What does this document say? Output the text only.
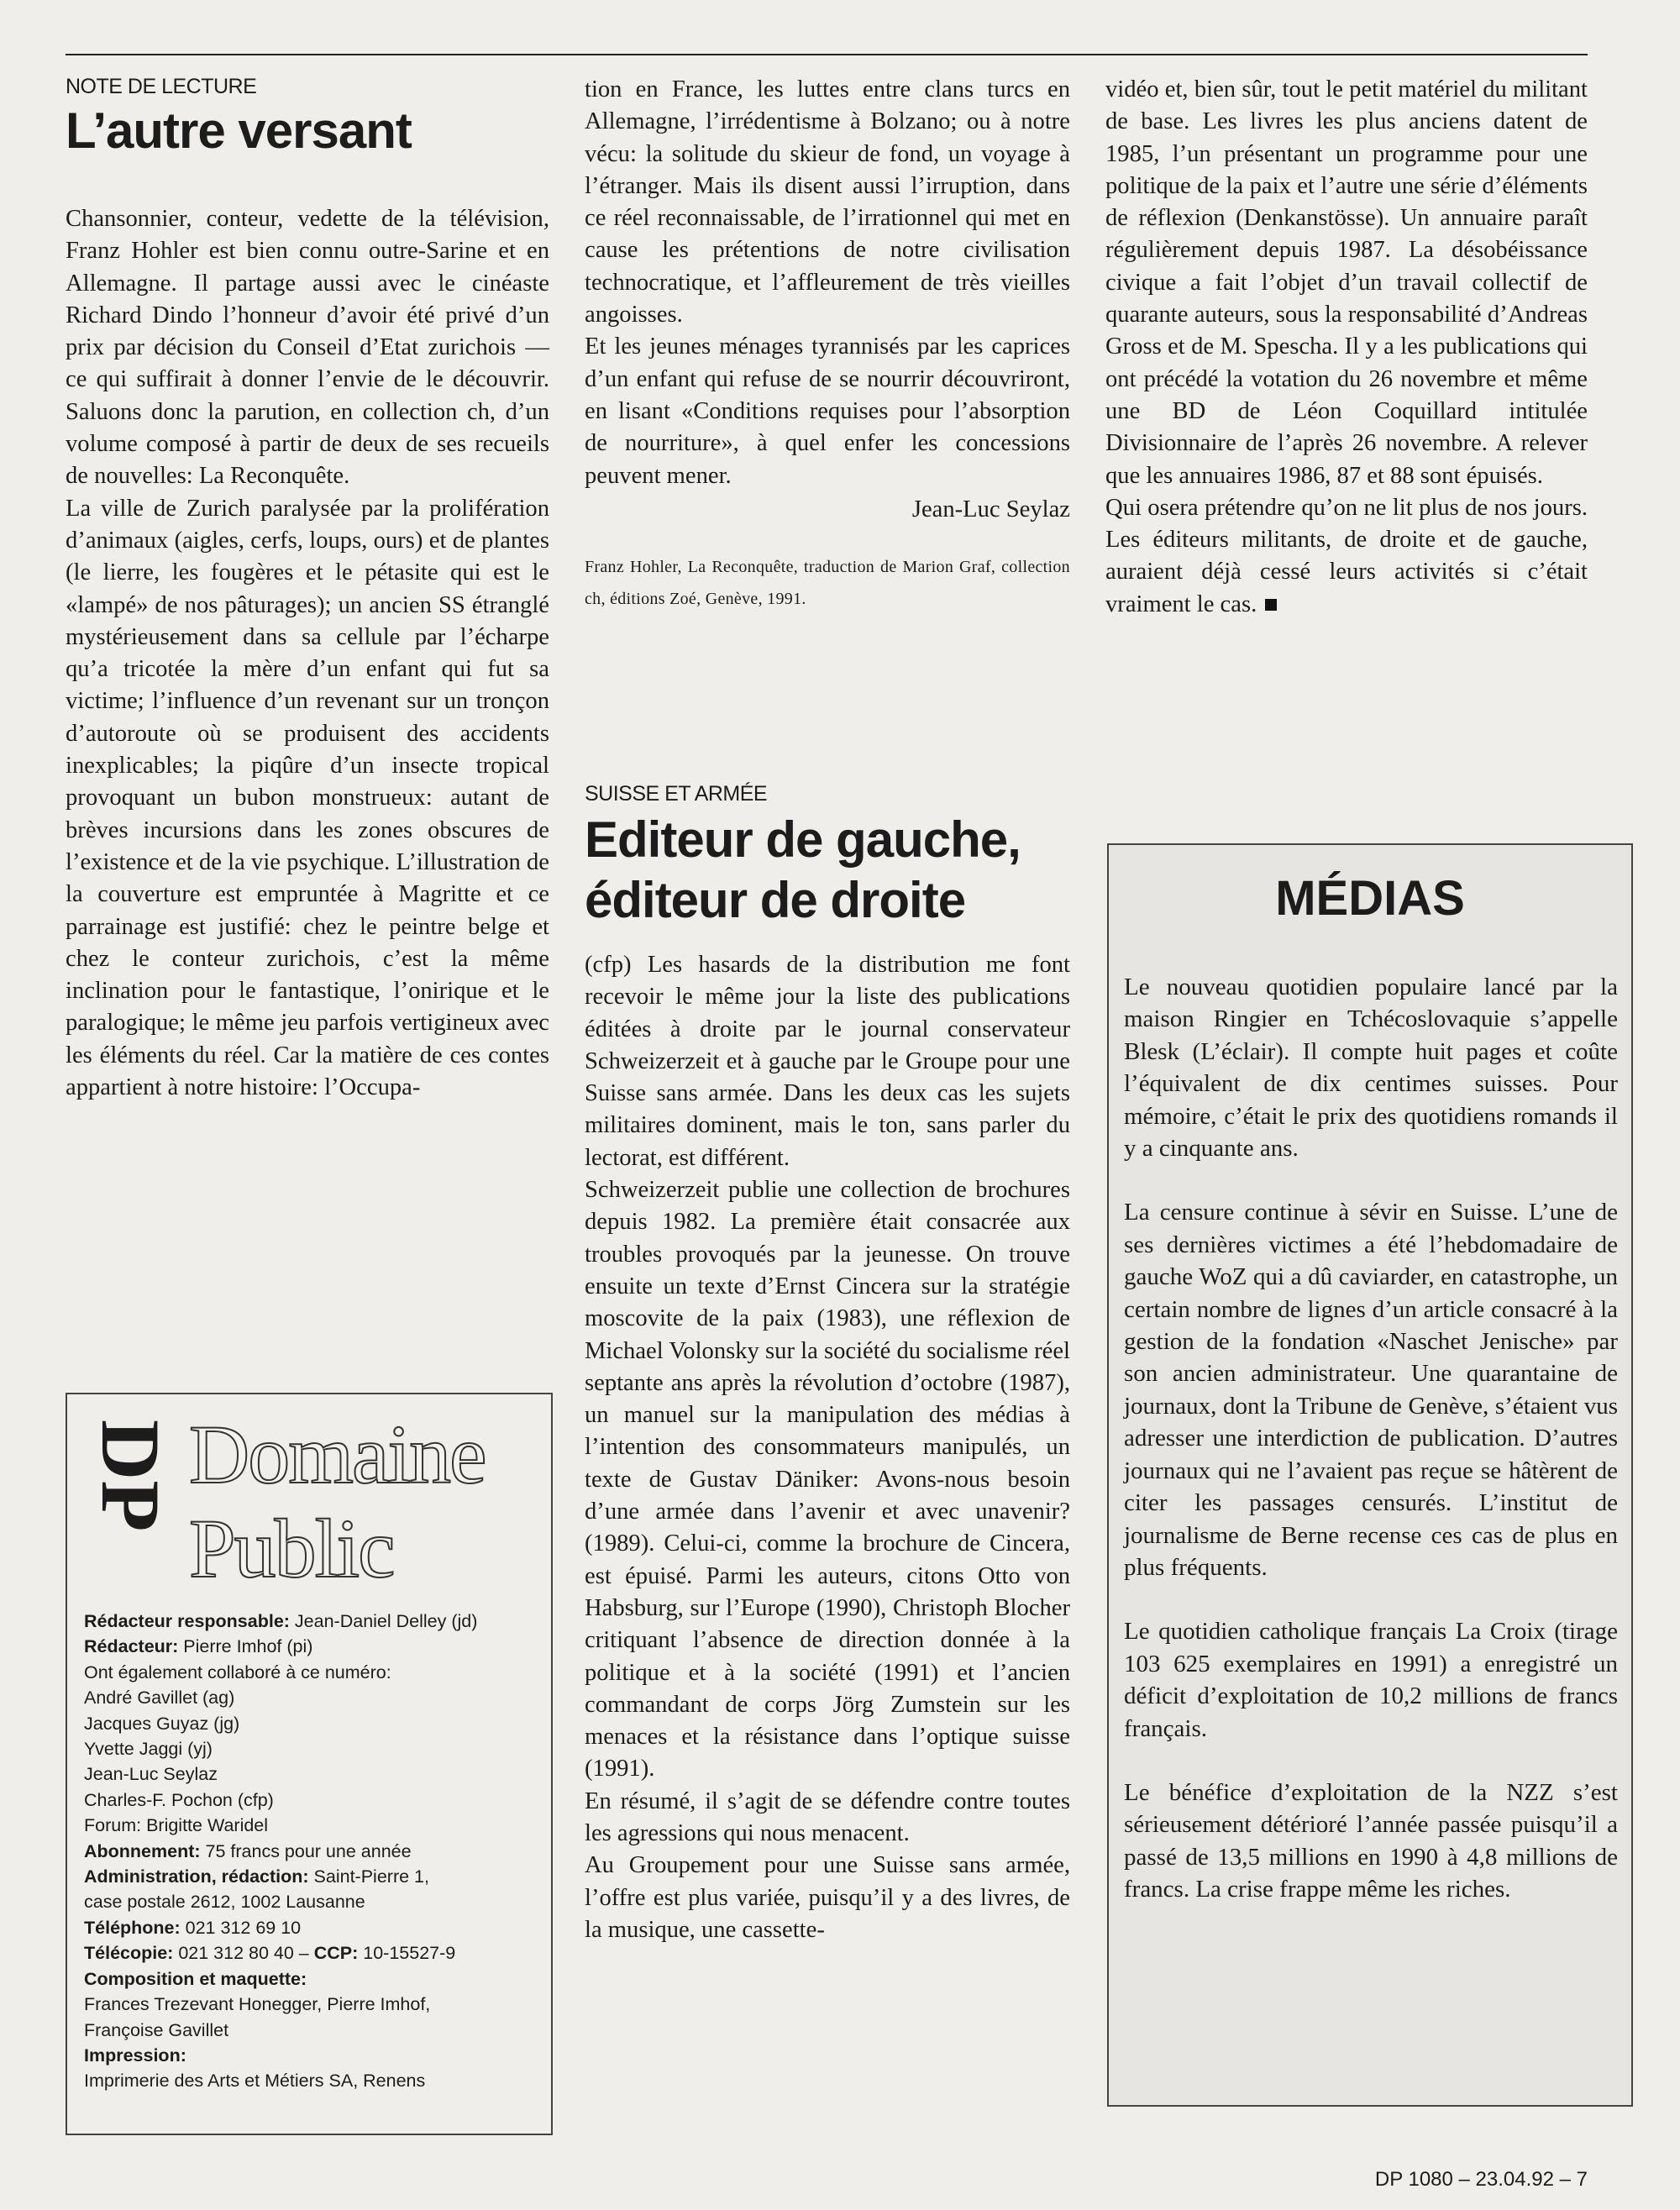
NOTE DE LECTURE
L’autre versant

Chansonnier, conteur, vedette de la télévision, Franz Hohler est bien connu outre-Sarine et en Allemagne. Il partage aussi avec le cinéaste Richard Dindo l’honneur d’avoir été privé d’un prix par décision du Conseil d’Etat zurichois — ce qui suffirait à donner l’envie de le découvrir. Saluons donc la parution, en collection ch, d’un volume composé à partir de deux de ses recueils de nouvelles: La Reconquête.

La ville de Zurich paralysée par la prolifération d’animaux (aigles, cerfs, loups, ours) et de plantes (le lierre, les fougères et le pétasite qui est le «lampé» de nos pâturages); un ancien SS étranglé mystérieusement dans sa cellule par l’écharpe qu’a tricotée la mère d’un enfant qui fut sa victime; l’influence d’un revenant sur un tronçon d’autoroute où se produisent des accidents inexplicables; la piqûre d’un insecte tropical provoquant un bubon monstrueux: autant de brèves incursions dans les zones obscures de l’existence et de la vie psychique. L’illustration de la couverture est empruntée à Magritte et ce parrainage est justifié: chez le peintre belge et chez le conteur zurichois, c’est la même inclination pour le fantastique, l’onirique et le paralogique; le même jeu parfois vertigineux avec les éléments du réel. Car la matière de ces contes appartient à notre histoire: l’Occupa-

tion en France, les luttes entre clans turcs en Allemagne, l’irrédentisme à Bolzano; ou à notre vécu: la solitude du skieur de fond, un voyage à l’étranger. Mais ils disent aussi l’irruption, dans ce réel reconnaissable, de l’irrationnel qui met en cause les prétentions de notre civilisation technocratique, et l’affleurement de très vieilles angoisses.

Et les jeunes ménages tyrannisés par les caprices d’un enfant qui refuse de se nourrir découvriront, en lisant «Conditions requises pour l’absorption de nourriture», à quel enfer les concessions peuvent mener.

Jean-Luc Seylaz
Franz Hohler, La Reconquête, traduction de Marion Graf, collection ch, éditions Zoé, Genève, 1991.
SUISSE ET ARMÉE
Editeur de gauche,
éditeur de droite

(cfp) Les hasards de la distribution me font recevoir le même jour la liste des publications éditées à droite par le journal conservateur Schweizerzeit et à gauche par le Groupe pour une Suisse sans armée. Dans les deux cas les sujets militaires dominent, mais le ton, sans parler du lectorat, est différent.

Schweizerzeit publie une collection de brochures depuis 1982. La première était consacrée aux troubles provoqués par la jeunesse. On trouve ensuite un texte d’Ernst Cincera sur la stratégie moscovite de la paix (1983), une réflexion de Michael Volonsky sur la société du socialisme réel septante ans après la révolution d’octobre (1987), un manuel sur la manipulation des médias à l’intention des consommateurs manipulés, un texte de Gustav Däniker: Avons-nous besoin d’une armée dans l’avenir et avec unavenir? (1989). Celui-ci, comme la brochure de Cincera, est épuisé. Parmi les auteurs, citons Otto von Habsburg, sur l’Europe (1990), Christoph Blocher critiquant l’absence de direction donnée à la politique et à la société (1991) et l’ancien commandant de corps Jörg Zumstein sur les menaces et la résistance dans l’optique suisse (1991).

En résumé, il s’agit de se défendre contre toutes les agressions qui nous menacent.

Au Groupement pour une Suisse sans armée, l’offre est plus variée, puisqu’il y a des livres, de la musique, une cassette-

vidéo et, bien sûr, tout le petit matériel du militant de base. Les livres les plus anciens datent de 1985, l’un présentant un programme pour une politique de la paix et l’autre une série d’éléments de réflexion (Denkanstösse). Un annuaire paraît régulièrement depuis 1987. La désobéissance civique a fait l’objet d’un travail collectif de quarante auteurs, sous la responsabilité d’Andreas Gross et de M. Spescha. Il y a les publications qui ont précédé la votation du 26 novembre et même une BD de Léon Coquillard intitulée Divisionnaire de l’après 26 novembre. A relever que les annuaires 1986, 87 et 88 sont épuisés.

Qui osera prétendre qu’on ne lit plus de nos jours. Les éditeurs militants, de droite et de gauche, auraient déjà cessé leurs activités si c’était vraiment le cas.

DP Domaine
Public
Rédacteur responsable: Jean-Daniel Delley (jd)
Rédacteur: Pierre Imhof (pi)
Ont également collaboré à ce numéro:
André Gavillet (ag)
Jacques Guyaz (jg)
Yvette Jaggi (yj)
Jean-Luc Seylaz
Charles-F. Pochon (cfp)
Forum: Brigitte Waridel
Abonnement: 75 francs pour une année
Administration, rédaction: Saint-Pierre 1,
case postale 2612, 1002 Lausanne
Téléphone: 021 312 69 10
Télécopie: 021 312 80 40 – CCP: 10-15527-9
Composition et maquette:
Frances Trezevant Honegger, Pierre Imhof,
Françoise Gavillet
Impression:
Imprimerie des Arts et Métiers SA, Renens
MÉDIAS

Le nouveau quotidien populaire lancé par la maison Ringier en Tchécoslovaquie s’appelle Blesk (L’éclair). Il compte huit pages et coûte l’équivalent de dix centimes suisses. Pour mémoire, c’était le prix des quotidiens romands il y a cinquante ans.

La censure continue à sévir en Suisse. L’une de ses dernières victimes a été l’hebdomadaire de gauche WoZ qui a dû caviarder, en catastrophe, un certain nombre de lignes d’un article consacré à la gestion de la fondation «Naschet Jenische» par son ancien administrateur. Une quarantaine de journaux, dont la Tribune de Genève, s’étaient vus adresser une interdiction de publication. D’autres journaux qui ne l’avaient pas reçue se hâtèrent de citer les passages censurés. L’institut de journalisme de Berne recense ces cas de plus en plus fréquents.

Le quotidien catholique français La Croix (tirage 103 625 exemplaires en 1991) a enregistré un déficit d’exploitation de 10,2 millions de francs français.

Le bénéfice d’exploitation de la NZZ s’est sérieusement détérioré l’année passée puisqu’il a passé de 13,5 millions en 1990 à 4,8 millions de francs. La crise frappe même les riches.

DP 1080 – 23.04.92 – 7
